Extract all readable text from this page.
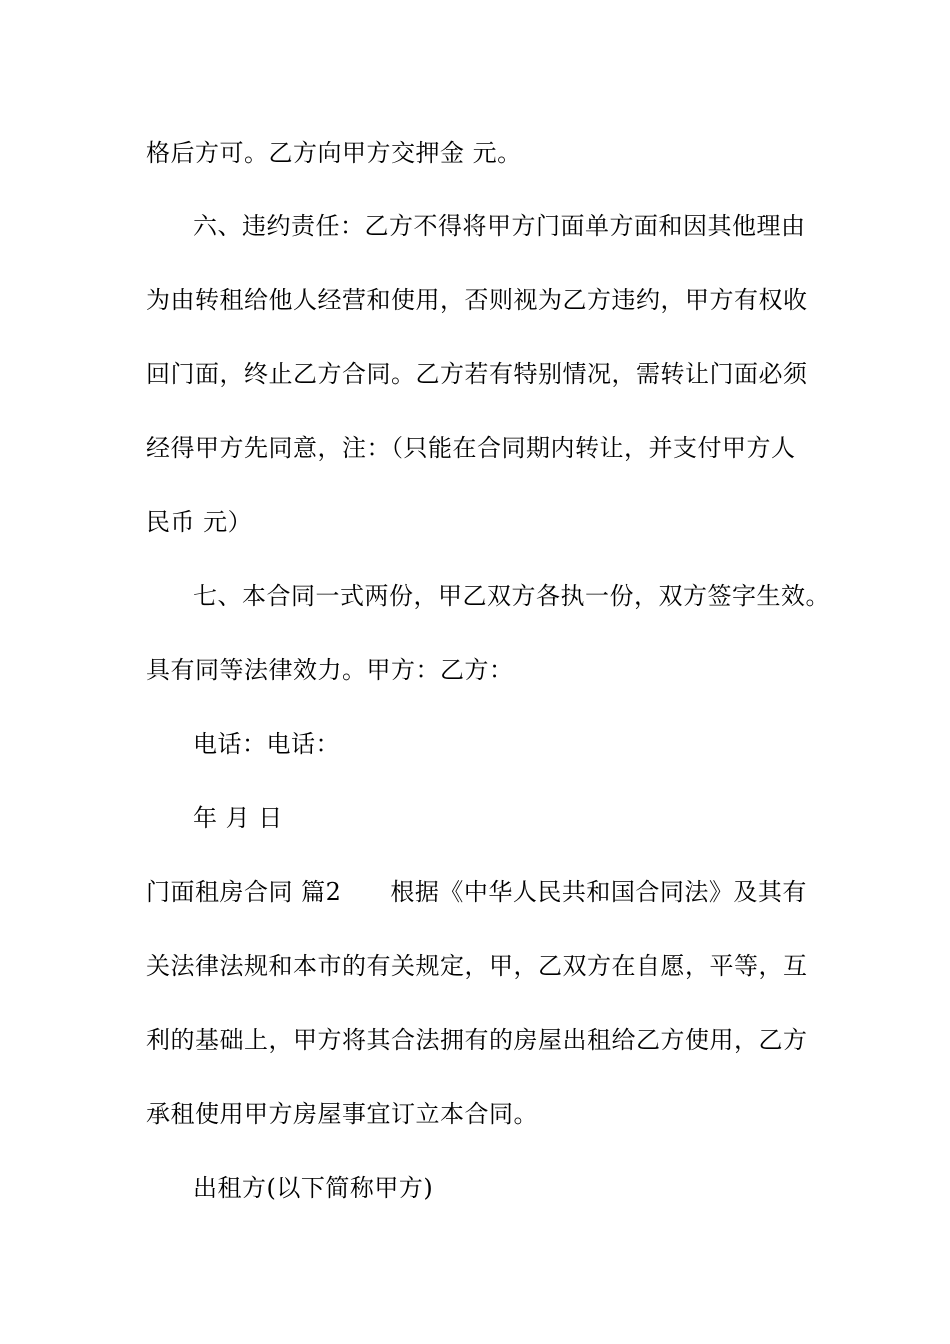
格后方可。乙方向甲方交押金 元。
六、违约责任：乙方不得将甲方门面单方面和因其他理由
为由转租给他人经营和使用，否则视为乙方违约，甲方有权收
回门面，终止乙方合同。乙方若有特别情况，需转让门面必须
经得甲方先同意，注：（只能在合同期内转让，并支付甲方人
民币 元）
七、本合同一式两份，甲乙双方各执一份，双方签字生效。
具有同等法律效力。甲方：乙方：
电话：电话：
年 月 日
门面租房合同 篇2　　根据《中华人民共和国合同法》及其有
关法律法规和本市的有关规定，甲，乙双方在自愿，平等，互
利的基础上，甲方将其合法拥有的房屋出租给乙方使用，乙方
承租使用甲方房屋事宜订立本合同。
出租方(以下简称甲方)
